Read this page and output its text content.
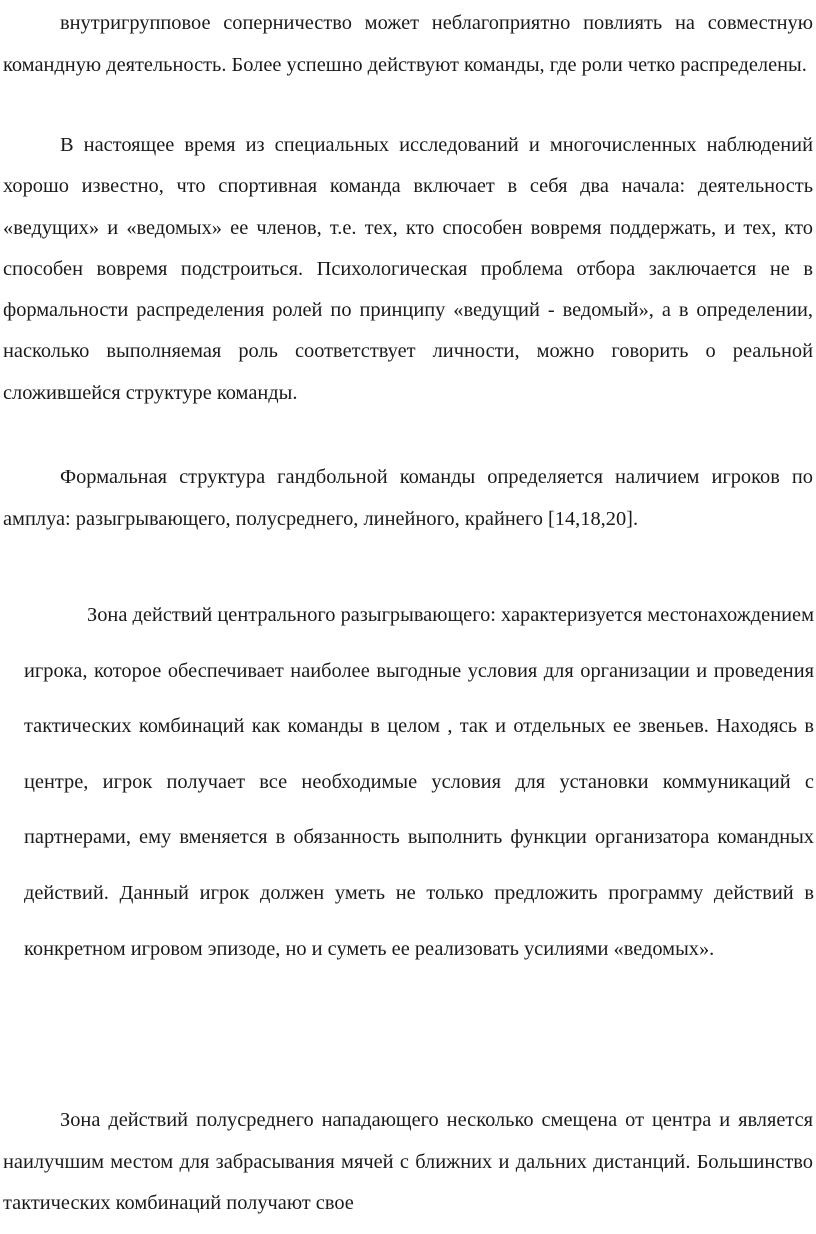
внутригрупповое соперничество может неблагоприятно повлиять на совместную командную деятельность. Более успешно действуют команды, где роли четко распределены.

В настоящее время из специальных исследований и многочисленных наблюдений хорошо известно, что спортивная команда включает в себя два начала: деятельность «ведущих» и «ведомых» ее членов, т.е. тех, кто способен вовремя поддержать, и тех, кто способен вовремя подстроиться. Психологическая проблема отбора заключается не в формальности распределения ролей по принципу «ведущий - ведомый», а в определении, насколько выполняемая роль соответствует личности, можно говорить о реальной сложившейся структуре команды.

Формальная структура гандбольной команды определяется наличием игроков по амплуа: разыгрывающего, полусреднего, линейного, крайнего [14,18,20].

Зона действий центрального разыгрывающего: характеризуется местонахождением игрока, которое обеспечивает наиболее выгодные условия для организации и проведения тактических комбинаций как команды в целом , так и отдельных ее звеньев. Находясь в центре, игрок получает все необходимые условия для установки коммуникаций с партнерами, ему вменяется в обязанность выполнить функции организатора командных действий. Данный игрок должен уметь не только предложить программу действий в конкретном игровом эпизоде, но и суметь ее реализовать усилиями «ведомых».

Зона действий полусреднего нападающего несколько смещена от центра и является наилучшим местом для забрасывания мячей с ближних и дальних дистанций. Большинство тактических комбинаций получают свое
